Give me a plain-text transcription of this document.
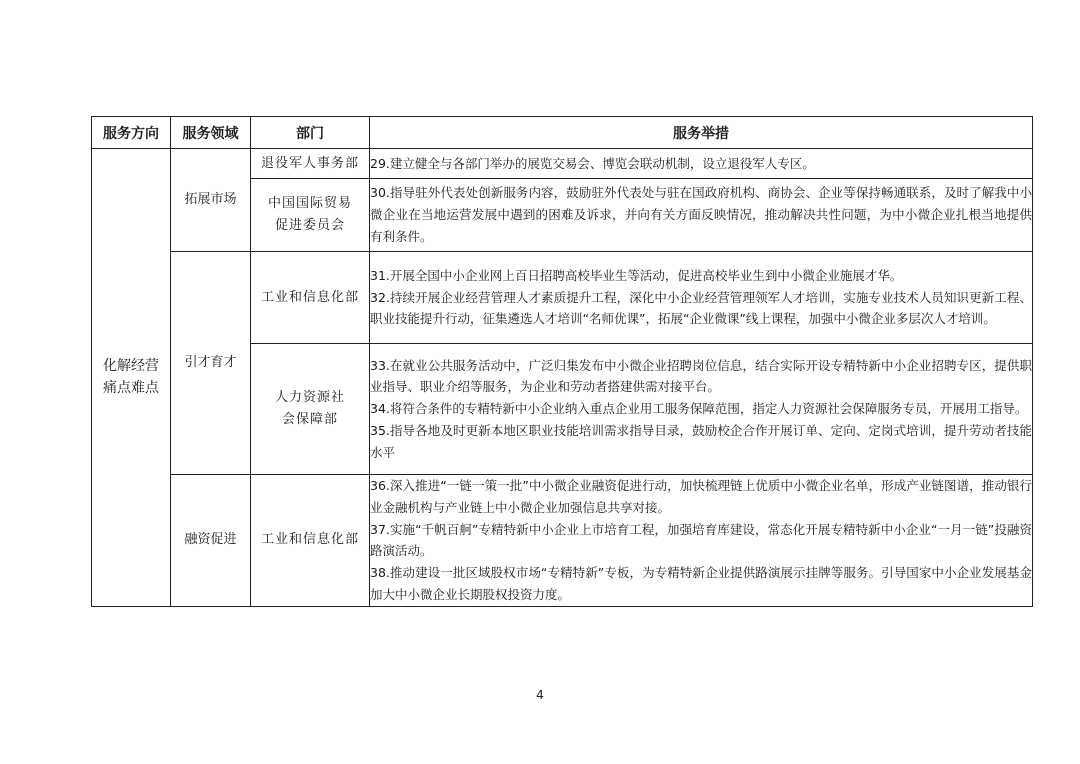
服务方向	服务领域	部门	服务举措

化解经营痛点难点	拓展市场	退役军人事务部	29.建立健全与各部门举办的展览交易会、博览会联动机制，设立退役军人专区。

		中国国际贸易促进委员会	30.指导驻外代表处创新服务内容，鼓励驻外代表处与驻在国政府机构、商协会、企业等保持畅通联系，及时了解我中小微企业在当地运营发展中遇到的困难及诉求，并向有关方面反映情况，推动解决共性问题，为中小微企业扎根当地提供有利条件。
	引才育才	工业和信息化部	31.开展全国中小企业网上百日招聘高校毕业生等活动，促进高校毕业生到中小微企业施展才华。
32.持续开展企业经营管理人才素质提升工程，深化中小企业经营管理领军人才培训，实施专业技术人员知识更新工程、职业技能提升行动，征集遴选人才培训“名师优课”，拓展“企业微课”线上课程，加强中小微企业多层次人才培训。

		人力资源社会保障部	33.在就业公共服务活动中，广泛归集发布中小微企业招聘岗位信息，结合实际开设专精特新中小企业招聘专区，提供职业指导、职业介绍等服务，为企业和劳动者搭建供需对接平台。
34.将符合条件的专精特新中小企业纳入重点企业用工服务保障范围，指定人力资源社会保障服务专员，开展用工指导。
35.指导各地及时更新本地区职业技能培训需求指导目录，鼓励校企合作开展订单、定向、定岗式培训，提升劳动者技能水平

	融资促进	工业和信息化部	36.深入推进“一链一策一批”中小微企业融资促进行动，加快梳理链上优质中小微企业名单，形成产业链图谱，推动银行业金融机构与产业链上中小微企业加强信息共享对接。
37.实施“千帆百舸”专精特新中小企业上市培育工程，加强培育库建设，常态化开展专精特新中小企业“一月一链”投融资路演活动。
38.推动建设一批区域股权市场“专精特新”专板，为专精特新企业提供路演展示挂牌等服务。引导国家中小企业发展基金加大中小微企业长期股权投资力度。

4
